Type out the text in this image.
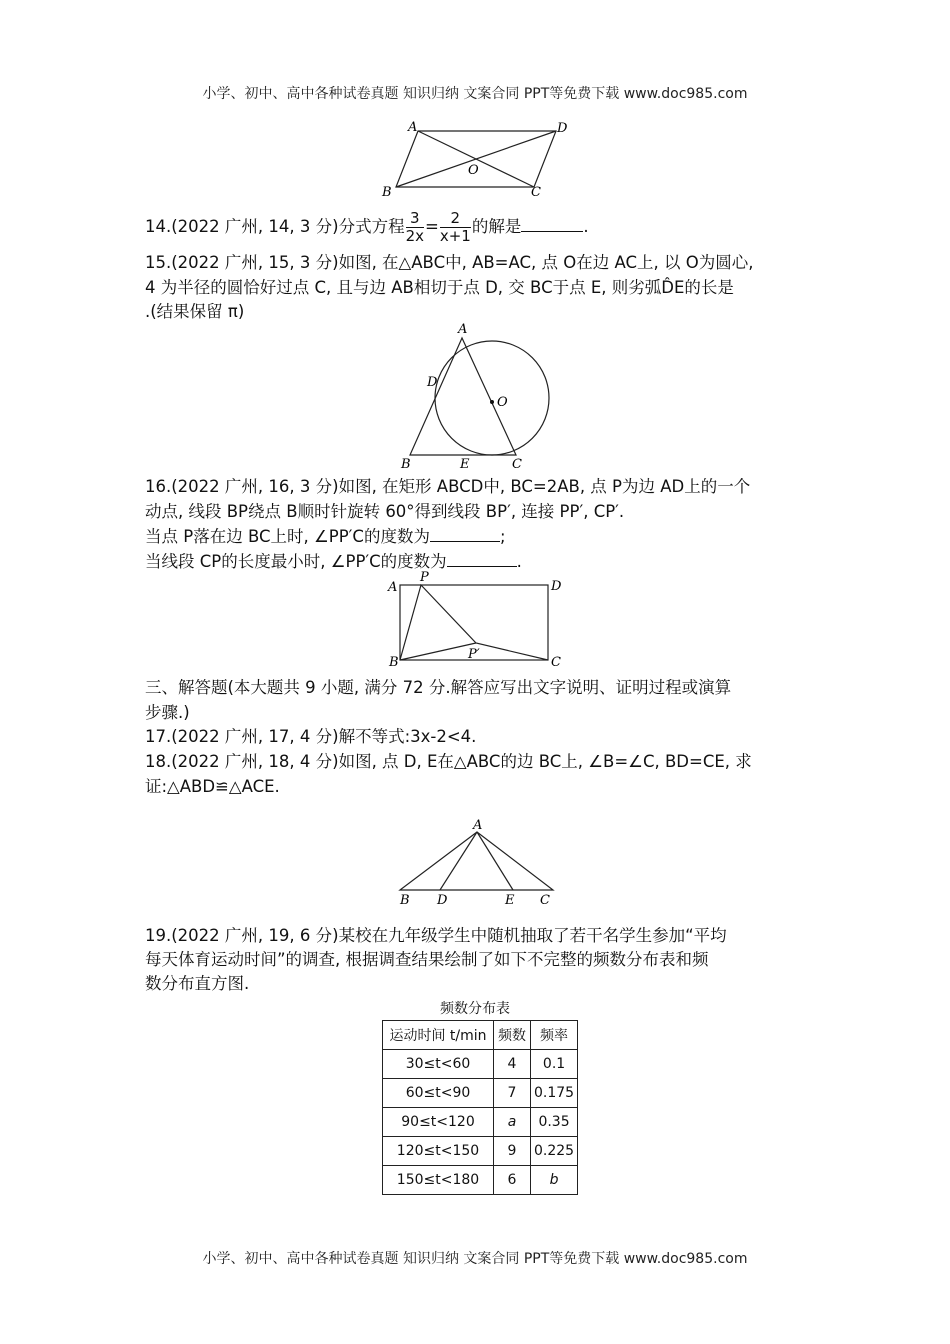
小学、初中、高中各种试卷真题 知识归纳 文案合同 PPT等免费下载 www.doc985.com
A	D
B	C
O
A
D
O
B	E	C
A
P
D
B
P′
C
A
B D	E C
14.(2022 广州, 14, 3 分)分式方程 $\frac{3}{2x} = \frac{2}{x+1}$ 的解是	.
15.(2022 广州, 15, 3 分)如图, 在△ABC中, AB=AC, 点 O在边 AC上, 以 O为圆心,
4 为半径的圆恰好过点 C, 且与边 AB相切于点 D, 交 BC于点 E, 则劣弧D̂E的长是
.(结果保留 π)
16.(2022 广州, 16, 3 分)如图, 在矩形 ABCD中, BC=2AB, 点 P为边 AD上的一个
动点, 线段 BP绕点 B顺时针旋转 60°得到线段 BP′, 连接 PP′, CP′.
当点 P落在边 BC上时, ∠PP′C的度数为	;
当线段 CP的长度最小时, ∠PP′C的度数为	.
三、解答题(本大题共 9 小题, 满分 72 分.解答应写出文字说明、证明过程或演算
步骤.)
17.(2022 广州, 17, 4 分)解不等式:3x-2<4.
18.(2022 广州, 18, 4 分)如图, 点 D, E在△ABC的边 BC上, ∠B=∠C, BD=CE, 求
证:△ABD≌△ACE.
19.(2022 广州, 19, 6 分)某校在九年级学生中随机抽取了若干名学生参加“平均
每天体育运动时间”的调查, 根据调查结果绘制了如下不完整的频数分布表和频
数分布直方图.
频数分布表
运动时间 t/min	频数	频率
30≤t<60	4	0.1
60≤t<90	7	0.175
90≤t<120	a	0.35
120≤t<150	9	0.225
150≤t<180	6	b
小学、初中、高中各种试卷真题 知识归纳 文案合同 PPT等免费下载 www.doc985.com
